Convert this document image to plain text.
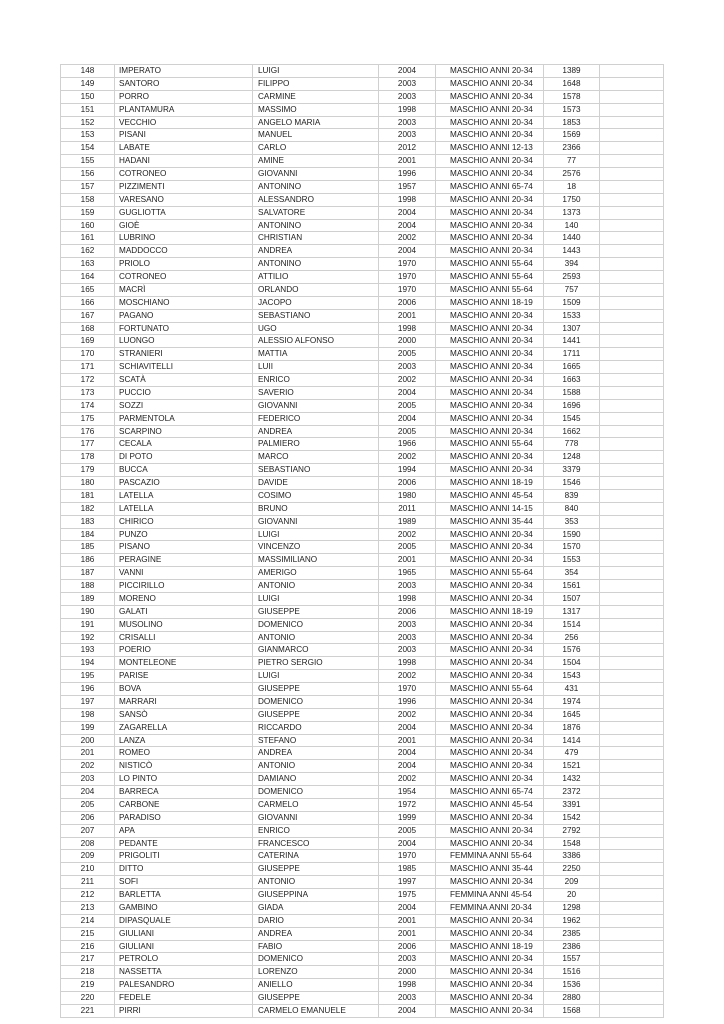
148	IMPERATO	LUIGI	2004	MASCHIO ANNI 20-34	1389	
149	SANTORO	FILIPPO	2003	MASCHIO ANNI 20-34	1648	
150	PORRO	CARMINE	2003	MASCHIO ANNI 20-34	1578	
151	PLANTAMURA	MASSIMO	1998	MASCHIO ANNI 20-34	1573	
152	VECCHIO	ANGELO MARIA	2003	MASCHIO ANNI 20-34	1853	
153	PISANI	MANUEL	2003	MASCHIO ANNI 20-34	1569	
154	LABATE	CARLO	2012	MASCHIO ANNI 12-13	2366	
155	HADANI	AMINE	2001	MASCHIO ANNI 20-34	77	
156	COTRONEO	GIOVANNI	1996	MASCHIO ANNI 20-34	2576	
157	PIZZIMENTI	ANTONINO	1957	MASCHIO ANNI 65-74	18	
158	VARESANO	ALESSANDRO	1998	MASCHIO ANNI 20-34	1750	
159	GUGLIOTTA	SALVATORE	2004	MASCHIO ANNI 20-34	1373	
160	GIOÈ	ANTONINO	2004	MASCHIO ANNI 20-34	140	
161	LUBRINO	CHRISTIAN	2002	MASCHIO ANNI 20-34	1440	
162	MADDOCCO	ANDREA	2004	MASCHIO ANNI 20-34	1443	
163	PRIOLO	ANTONINO	1970	MASCHIO ANNI 55-64	394	
164	COTRONEO	ATTILIO	1970	MASCHIO ANNI 55-64	2593	
165	MACRÌ	ORLANDO	1970	MASCHIO ANNI 55-64	757	
166	MOSCHIANO	JACOPO	2006	MASCHIO ANNI 18-19	1509	
167	PAGANO	SEBASTIANO	2001	MASCHIO ANNI 20-34	1533	
168	FORTUNATO	UGO	1998	MASCHIO ANNI 20-34	1307	
169	LUONGO	ALESSIO ALFONSO	2000	MASCHIO ANNI 20-34	1441	
170	STRANIERI	MATTIA	2005	MASCHIO ANNI 20-34	1711	
171	SCHIAVITELLI	LUII	2003	MASCHIO ANNI 20-34	1665	
172	SCATÀ	ENRICO	2002	MASCHIO ANNI 20-34	1663	
173	PUCCIO	SAVERIO	2004	MASCHIO ANNI 20-34	1588	
174	SOZZI	GIOVANNI	2005	MASCHIO ANNI 20-34	1696	
175	PARMENTOLA	FEDERICO	2004	MASCHIO ANNI 20-34	1545	
176	SCARPINO	ANDREA	2005	MASCHIO ANNI 20-34	1662	
177	CECALA	PALMIERO	1966	MASCHIO ANNI 55-64	778	
178	DI POTO	MARCO	2002	MASCHIO ANNI 20-34	1248	
179	BUCCA	SEBASTIANO	1994	MASCHIO ANNI 20-34	3379	
180	PASCAZIO	DAVIDE	2006	MASCHIO ANNI 18-19	1546	
181	LATELLA	COSIMO	1980	MASCHIO ANNI 45-54	839	
182	LATELLA	BRUNO	2011	MASCHIO ANNI 14-15	840	
183	CHIRICO	GIOVANNI	1989	MASCHIO ANNI 35-44	353	
184	PUNZO	LUIGI	2002	MASCHIO ANNI 20-34	1590	
185	PISANO	VINCENZO	2005	MASCHIO ANNI 20-34	1570	
186	PERAGINE	MASSIMILIANO	2001	MASCHIO ANNI 20-34	1553	
187	VANNI	AMERIGO	1965	MASCHIO ANNI 55-64	354	
188	PICCIRILLO	ANTONIO	2003	MASCHIO ANNI 20-34	1561	
189	MORENO	LUIGI	1998	MASCHIO ANNI 20-34	1507	
190	GALATI	GIUSEPPE	2006	MASCHIO ANNI 18-19	1317	
191	MUSOLINO	DOMENICO	2003	MASCHIO ANNI 20-34	1514	
192	CRISALLI	ANTONIO	2003	MASCHIO ANNI 20-34	256	
193	POERIO	GIANMARCO	2003	MASCHIO ANNI 20-34	1576	
194	MONTELEONE	PIETRO SERGIO	1998	MASCHIO ANNI 20-34	1504	
195	PARISE	LUIGI	2002	MASCHIO ANNI 20-34	1543	
196	BOVA	GIUSEPPE	1970	MASCHIO ANNI 55-64	431	
197	MARRARI	DOMENICO	1996	MASCHIO ANNI 20-34	1974	
198	SANSÒ	GIUSEPPE	2002	MASCHIO ANNI 20-34	1645	
199	ZAGARELLA	RICCARDO	2004	MASCHIO ANNI 20-34	1876	
200	LANZA	STEFANO	2001	MASCHIO ANNI 20-34	1414	
201	ROMEO	ANDREA	2004	MASCHIO ANNI 20-34	479	
202	NISTICÒ	ANTONIO	2004	MASCHIO ANNI 20-34	1521	
203	LO PINTO	DAMIANO	2002	MASCHIO ANNI 20-34	1432	
204	BARRECA	DOMENICO	1954	MASCHIO ANNI 65-74	2372	
205	CARBONE	CARMELO	1972	MASCHIO ANNI 45-54	3391	
206	PARADISO	GIOVANNI	1999	MASCHIO ANNI 20-34	1542	
207	APA	ENRICO	2005	MASCHIO ANNI 20-34	2792	
208	PEDANTE	FRANCESCO	2004	MASCHIO ANNI 20-34	1548	
209	PRIGOLITI	CATERINA	1970	FEMMINA ANNI 55-64	3386	
210	DITTO	GIUSEPPE	1985	MASCHIO ANNI 35-44	2250	
211	SOFI	ANTONIO	1997	MASCHIO ANNI 20-34	209	
212	BARLETTA	GIUSEPPINA	1975	FEMMINA ANNI 45-54	20	
213	GAMBINO	GIADA	2004	FEMMINA ANNI 20-34	1298	
214	DIPASQUALE	DARIO	2001	MASCHIO ANNI 20-34	1962	
215	GIULIANI	ANDREA	2001	MASCHIO ANNI 20-34	2385	
216	GIULIANI	FABIO	2006	MASCHIO ANNI 18-19	2386	
217	PETROLO	DOMENICO	2003	MASCHIO ANNI 20-34	1557	
218	NASSETTA	LORENZO	2000	MASCHIO ANNI 20-34	1516	
219	PALESANDRO	ANIELLO	1998	MASCHIO ANNI 20-34	1536	
220	FEDELE	GIUSEPPE	2003	MASCHIO ANNI 20-34	2880	
221	PIRRI	CARMELO EMANUELE	2004	MASCHIO ANNI 20-34	1568	
